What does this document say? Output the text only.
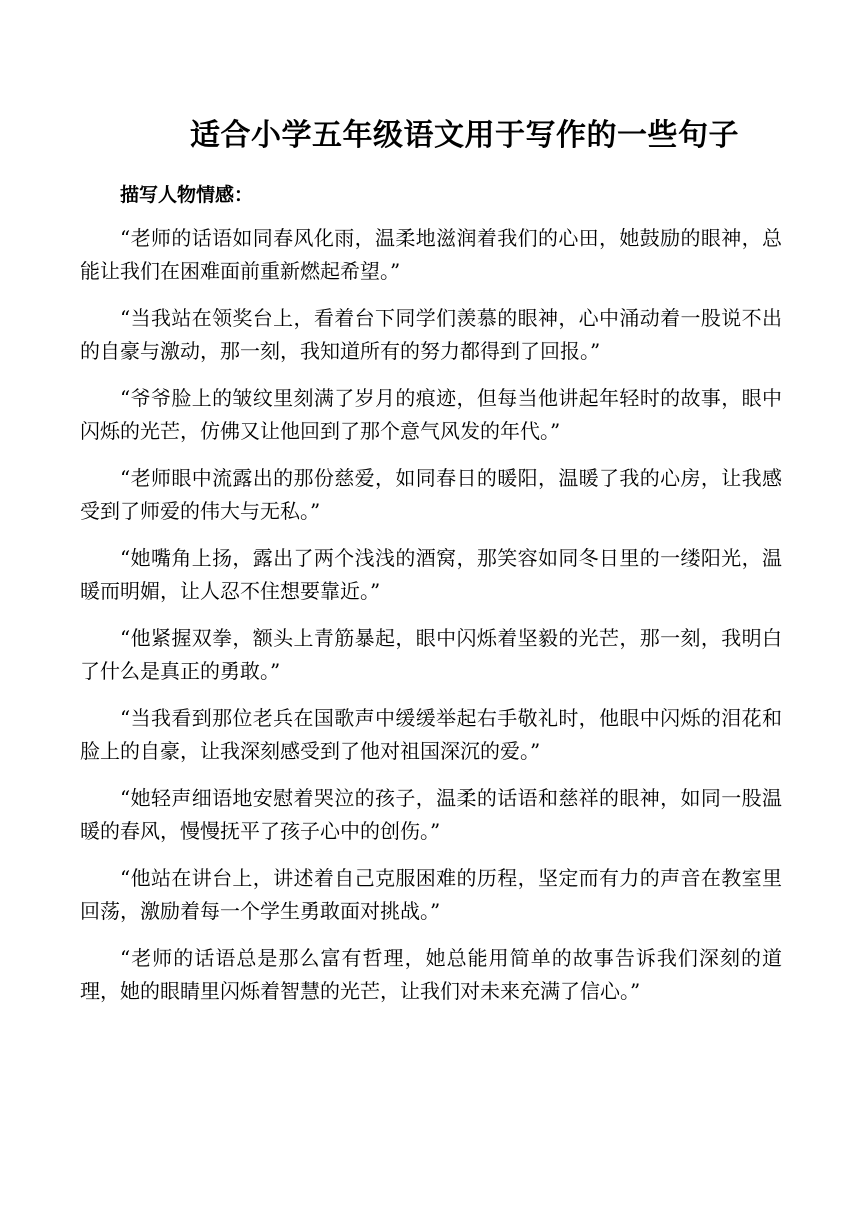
适合小学五年级语文用于写作的一些句子
描写人物情感：

“老师的话语如同春风化雨，温柔地滋润着我们的心田，她鼓励的眼神，总能让我们在困难面前重新燃起希望。”

“当我站在领奖台上，看着台下同学们羡慕的眼神，心中涌动着一股说不出的自豪与激动，那一刻，我知道所有的努力都得到了回报。”

“爷爷脸上的皱纹里刻满了岁月的痕迹，但每当他讲起年轻时的故事，眼中闪烁的光芒，仿佛又让他回到了那个意气风发的年代。”

“老师眼中流露出的那份慈爱，如同春日的暖阳，温暖了我的心房，让我感受到了师爱的伟大与无私。”

“她嘴角上扬，露出了两个浅浅的酒窝，那笑容如同冬日里的一缕阳光，温暖而明媚，让人忍不住想要靠近。”

“他紧握双拳，额头上青筋暴起，眼中闪烁着坚毅的光芒，那一刻，我明白了什么是真正的勇敢。”

“当我看到那位老兵在国歌声中缓缓举起右手敬礼时，他眼中闪烁的泪花和脸上的自豪，让我深刻感受到了他对祖国深沉的爱。”

“她轻声细语地安慰着哭泣的孩子，温柔的话语和慈祥的眼神，如同一股温暖的春风，慢慢抚平了孩子心中的创伤。”

“他站在讲台上，讲述着自己克服困难的历程，坚定而有力的声音在教室里回荡，激励着每一个学生勇敢面对挑战。”

“老师的话语总是那么富有哲理，她总能用简单的故事告诉我们深刻的道理，她的眼睛里闪烁着智慧的光芒，让我们对未来充满了信心。”
